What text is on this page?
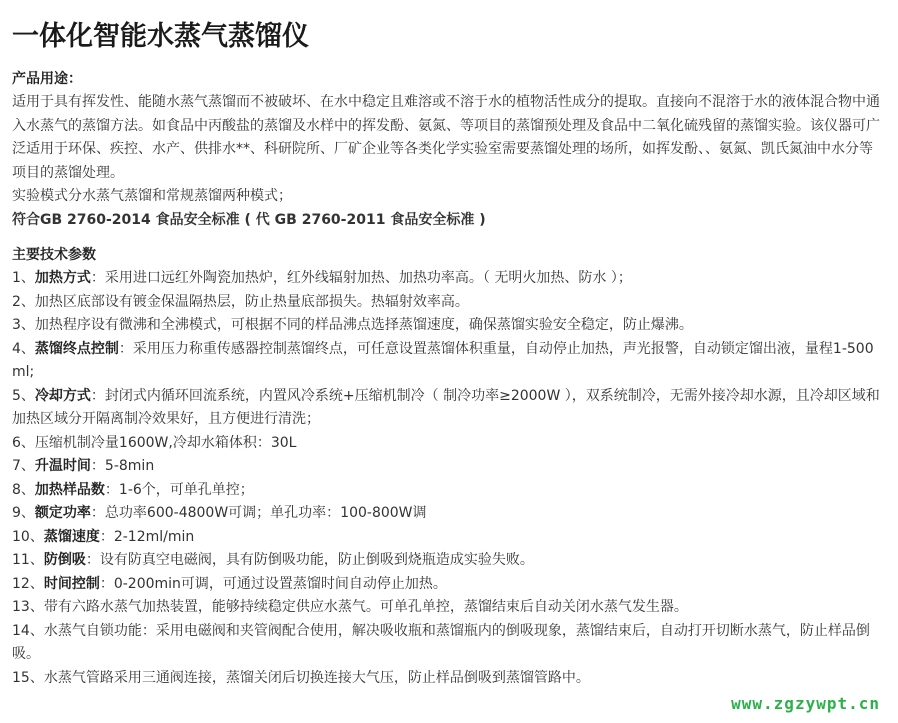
一体化智能水蒸气蒸馏仪
产品用途：
适用于具有挥发性、能随水蒸气蒸馏而不被破坏、在水中稳定且难溶或不溶于水的植物活性成分的提取。直接向不混溶于水的液体混合物中通入水蒸气的蒸馏方法。如食品中丙酸盐的蒸馏及水样中的挥发酚、氨氮、等项目的蒸馏预处理及食品中二氧化硫残留的蒸馏实验。该仪器可广泛适用于环保、疾控、水产、供排水**、科研院所、厂矿企业等各类化学实验室需要蒸馏处理的场所，如挥发酚、、氨氮、凯氏氮油中水分等项目的蒸馏处理。
实验模式分水蒸气蒸馏和常规蒸馏两种模式；
符合GB 2760-2014 食品安全标准 ( 代 GB 2760-2011 食品安全标准 )
主要技术参数
1、加热方式：采用进口远红外陶瓷加热炉，红外线辐射加热、加热功率高。（ 无明火加热、防水 ）；
2、加热区底部设有镀金保温隔热层，防止热量底部损失。热辐射效率高。
3、加热程序设有微沸和全沸模式，可根据不同的样品沸点选择蒸馏速度，确保蒸馏实验安全稳定，防止爆沸。
4、蒸馏终点控制：采用压力称重传感器控制蒸馏终点，可任意设置蒸馏体积重量，自动停止加热，声光报警，自动锁定馏出液，量程1-500ml;
5、冷却方式：封闭式内循环回流系统，内置风冷系统+压缩机制冷（ 制冷功率≥2000W ），双系统制冷，无需外接冷却水源，且冷却区域和加热区域分开隔离制冷效果好，且方便进行清洗；
6、压缩机制冷量1600W,冷却水箱体积：30L
7、升温时间：5-8min
8、加热样品数：1-6个，可单孔单控；
9、额定功率：总功率600-4800W可调；单孔功率：100-800W调
10、蒸馏速度：2-12ml/min
11、防倒吸：设有防真空电磁阀，具有防倒吸功能，防止倒吸到烧瓶造成实验失败。
12、时间控制：0-200min可调，可通过设置蒸馏时间自动停止加热。
13、带有六路水蒸气加热装置，能够持续稳定供应水蒸气。可单孔单控，蒸馏结束后自动关闭水蒸气发生器。
14、水蒸气自锁功能：采用电磁阀和夹管阀配合使用，解决吸收瓶和蒸馏瓶内的倒吸现象，蒸馏结束后，自动打开切断水蒸气，防止样品倒吸。
15、水蒸气管路采用三通阀连接，蒸馏关闭后切换连接大气压，防止样品倒吸到蒸馏管路中。
www.zgzywpt.cn
